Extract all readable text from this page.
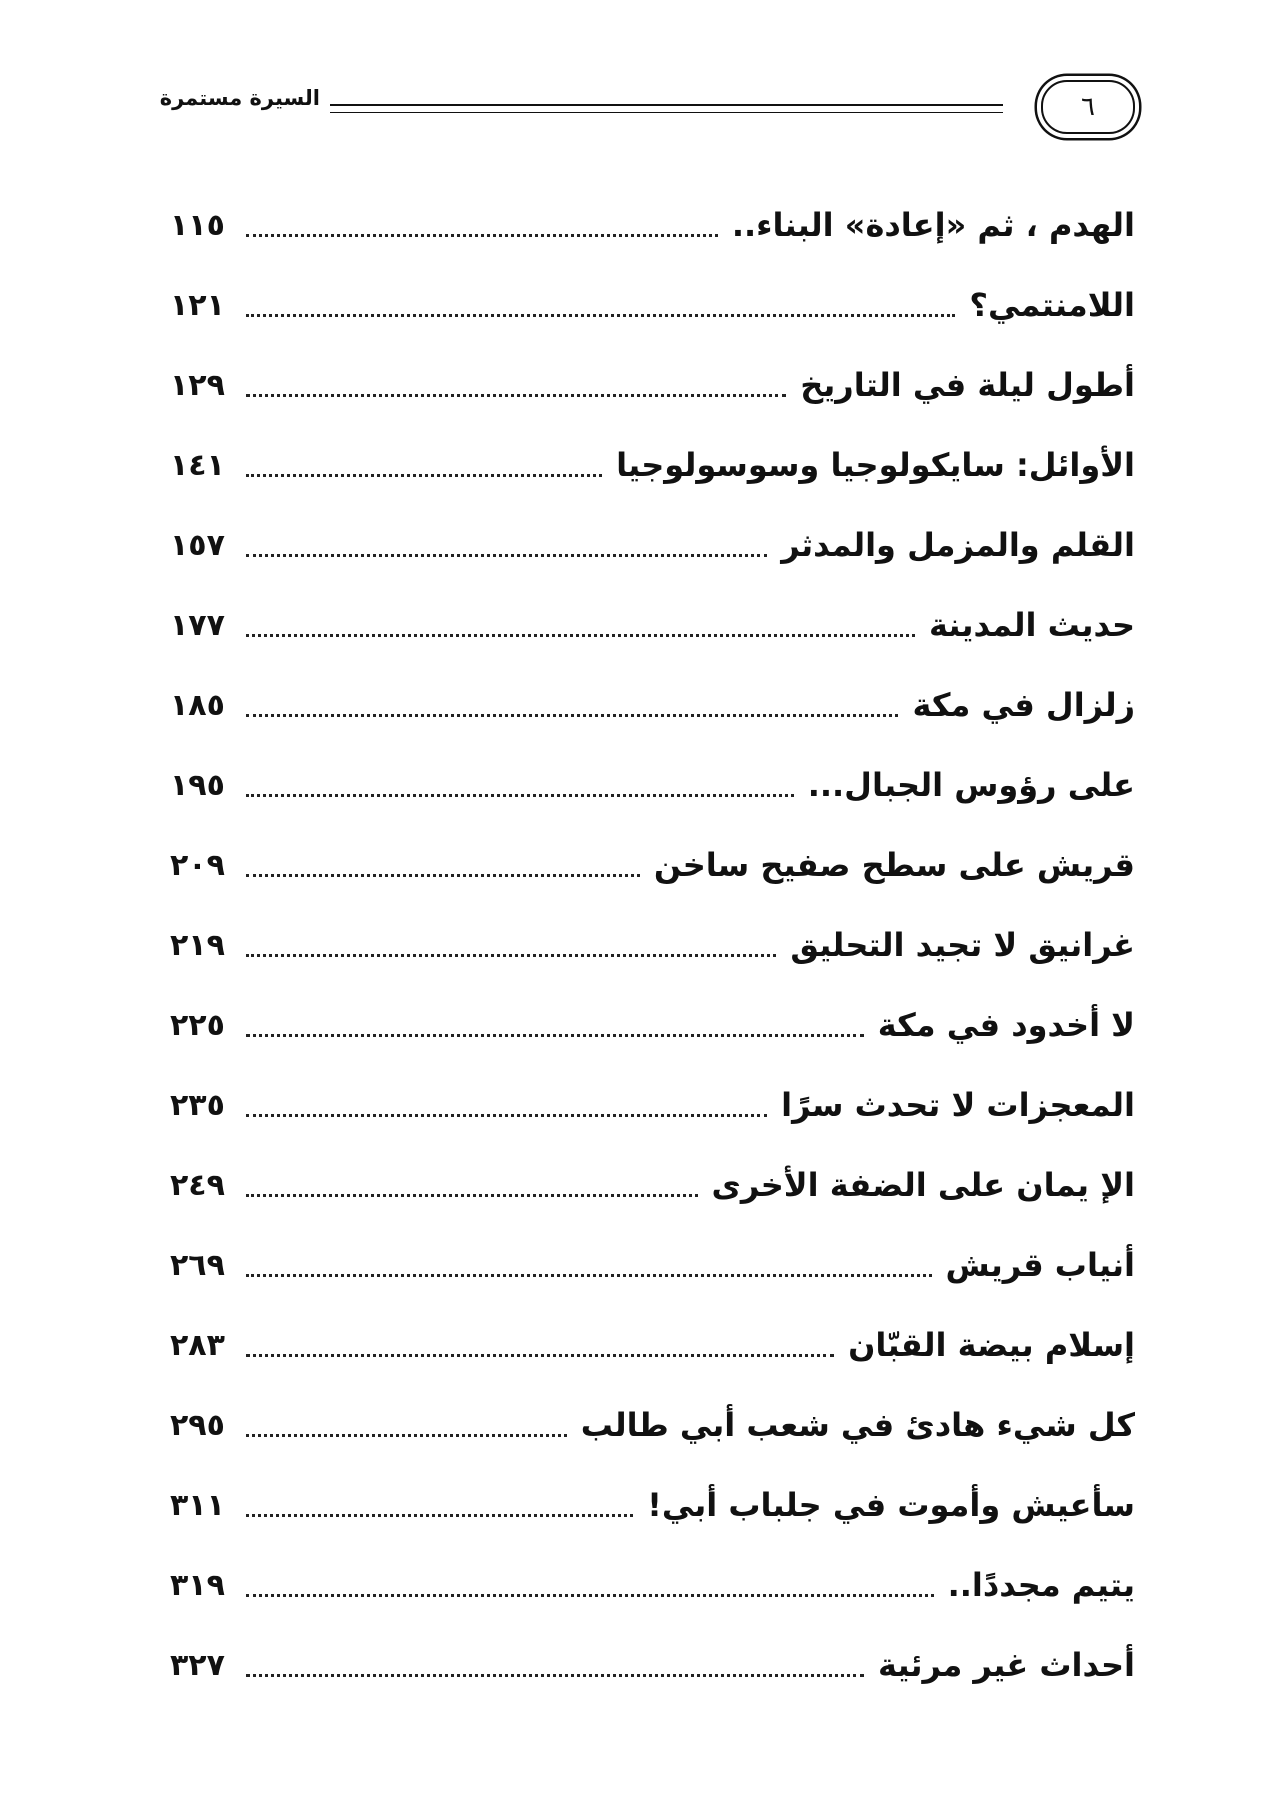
٦
السيرة مستمرة
الهدم ، ثم «إعادة» البناء..
١١٥
اللامنتمي؟
١٢١
أطول ليلة في التاريخ
١٢٩
الأوائل: سايكولوجيا وسوسولوجيا
١٤١
القلم والمزمل والمدثر
١٥٧
حديث المدينة
١٧٧
زلزال في مكة
١٨٥
على رؤوس الجبال...
١٩٥
قريش على سطح صفيح ساخن
٢٠٩
غرانيق لا تجيد التحليق
٢١٩
لا أخدود في مكة
٢٢٥
المعجزات لا تحدث سرًا
٢٣٥
الإ يمان على الضفة الأخرى
٢٤٩
أنياب قريش
٢٦٩
إسلام بيضة القبّان
٢٨٣
كل شيء هادئ في شعب أبي طالب
٢٩٥
سأعيش وأموت في جلباب أبي!
٣١١
يتيم مجددًا..
٣١٩
أحداث غير مرئية
٣٢٧
